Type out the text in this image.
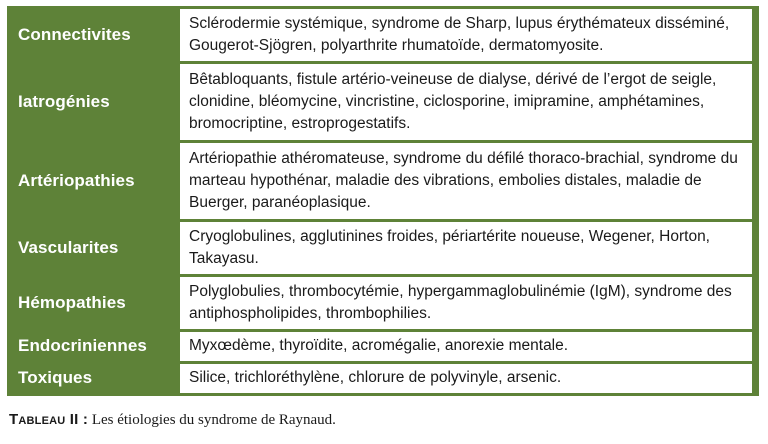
Connectivites	Sclérodermie systémique, syndrome de Sharp, lupus érythémateux disséminé, Gougerot-Sjögren, polyarthrite rhumatoïde, dermatomyosite.
Iatrogénies	Bêtabloquants, fistule artério-veineuse de dialyse, dérivé de l’ergot de seigle, clonidine, bléomycine, vincristine, ciclosporine, imipramine, amphétamines, bromocriptine, estroprogestatifs.
Artériopathies	Artériopathie athéromateuse, syndrome du défilé thoraco-brachial, syndrome du marteau hypothénar, maladie des vibrations, embolies distales, maladie de Buerger, paranéoplasique.
Vascularites	Cryoglobulines, agglutinines froides, périartérite noueuse, Wegener, Horton, Takayasu.
Hémopathies	Polyglobulies, thrombocytémie, hypergammaglobulinémie (IgM), syndrome des antiphospholipides, thrombophilies.
Endocriniennes	Myxœdème, thyroïdite, acromégalie, anorexie mentale.
Toxiques	Silice, trichloréthylène, chlorure de polyvinyle, arsenic.
Tableau II : Les étiologies du syndrome de Raynaud.
